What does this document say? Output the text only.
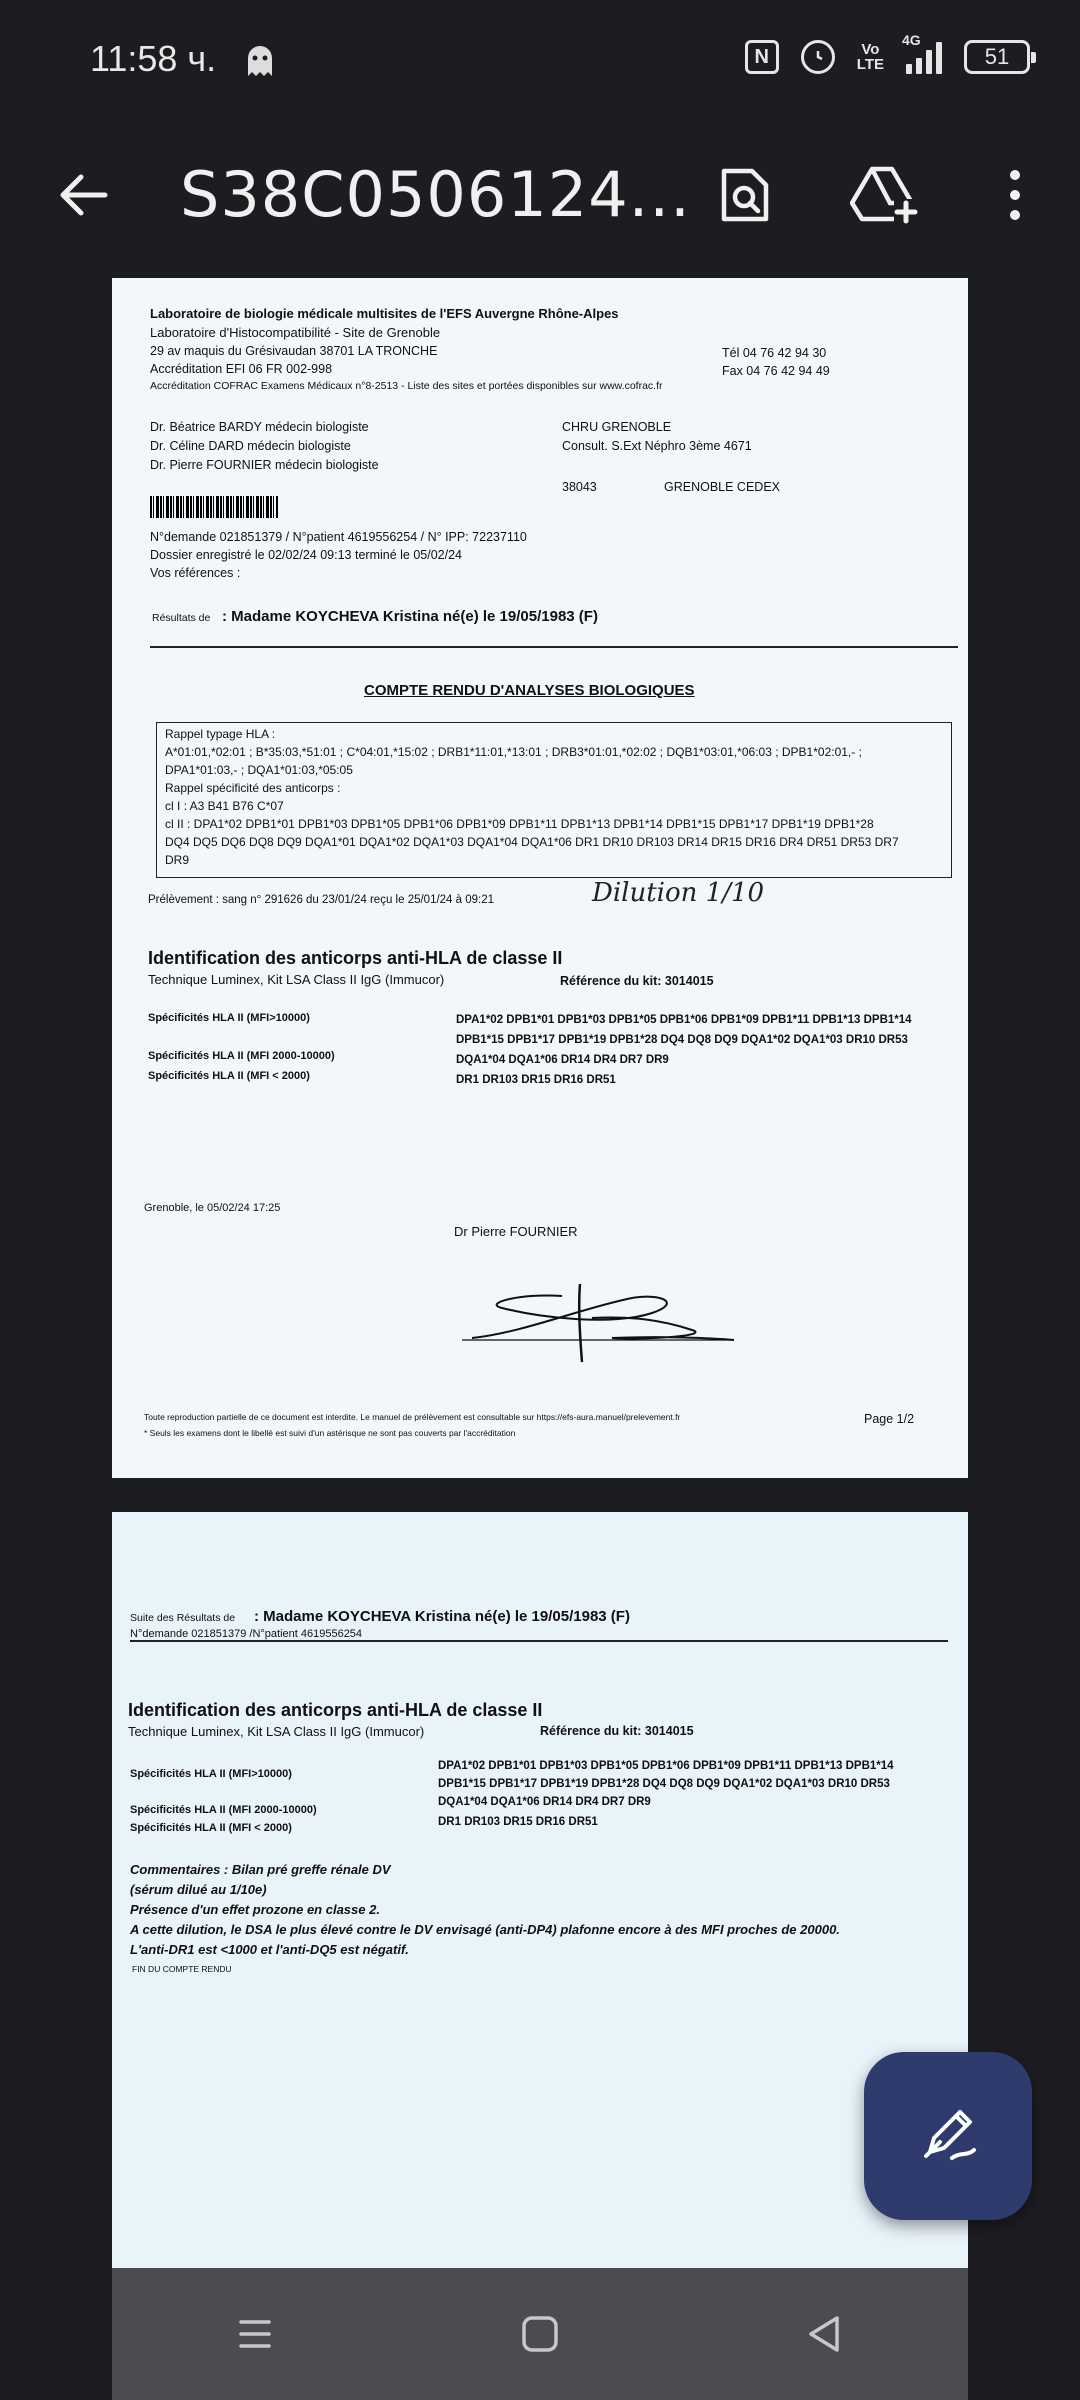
11:58 ч.	N	Vo
LTE
4G
51
S38C0506124...
Laboratoire de biologie médicale multisites de l'EFS Auvergne Rhône-Alpes
Laboratoire d'Histocompatibilité - Site de Grenoble
29 av maquis du Grésivaudan 38701 LA TRONCHE
Accréditation EFI 06 FR 002-998
Accréditation COFRAC Examens Médicaux n°8-2513 - Liste des sites et portées disponibles sur www.cofrac.fr
Tél 04 76 42 94 30
Fax 04 76 42 94 49
Dr. Béatrice BARDY médecin biologiste
Dr. Céline DARD médecin biologiste
Dr. Pierre FOURNIER médecin biologiste
CHRU GRENOBLE
Consult. S.Ext Néphro 3ème 4671
38043	GRENOBLE CEDEX
N°demande 021851379 / N°patient 4619556254 / N° IPP: 72237110
Dossier enregistré le 02/02/24 09:13 terminé le 05/02/24
Vos références :
Résultats de : Madame KOYCHEVA Kristina né(e) le 19/05/1983 (F)
COMPTE RENDU D'ANALYSES BIOLOGIQUES
Rappel typage HLA :
A*01:01,*02:01 ; B*35:03,*51:01 ; C*04:01,*15:02 ; DRB1*11:01,*13:01 ; DRB3*01:01,*02:02 ; DQB1*03:01,*06:03 ; DPB1*02:01,- ;
DPA1*01:03,- ; DQA1*01:03,*05:05
Rappel spécificité des anticorps :
cl I : A3 B41 B76 C*07
cl II : DPA1*02 DPB1*01 DPB1*03 DPB1*05 DPB1*06 DPB1*09 DPB1*11 DPB1*13 DPB1*14 DPB1*15 DPB1*17 DPB1*19 DPB1*28
DQ4 DQ5 DQ6 DQ8 DQ9 DQA1*01 DQA1*02 DQA1*03 DQA1*04 DQA1*06 DR1 DR10 DR103 DR14 DR15 DR16 DR4 DR51 DR53 DR7
DR9
Prélèvement : sang n° 291626 du 23/01/24 reçu le 25/01/24 à 09:21	Dilution 1/10
Identification des anticorps anti-HLA de classe II
Technique Luminex, Kit LSA Class II IgG (Immucor)	Référence du kit: 3014015
Spécificités HLA II (MFI>10000)	DPA1*02 DPB1*01 DPB1*03 DPB1*05 DPB1*06 DPB1*09 DPB1*11 DPB1*13 DPB1*14
DPB1*15 DPB1*17 DPB1*19 DPB1*28 DQ4 DQ8 DQ9 DQA1*02 DQA1*03 DR10 DR53
Spécificités HLA II (MFI 2000-10000)	DQA1*04 DQA1*06 DR14 DR4 DR7 DR9
Spécificités HLA II (MFI < 2000)	DR1 DR103 DR15 DR16 DR51
Grenoble, le 05/02/24 17:25
Dr Pierre FOURNIER
Toute reproduction partielle de ce document est interdite. Le manuel de prélèvement est consultable sur https://efs-aura.manuel/prelevement.fr
* Seuls les examens dont le libellé est suivi d'un astérisque ne sont pas couverts par l'accréditation
Page 1/2
Suite des Résultats de : Madame KOYCHEVA Kristina né(e) le 19/05/1983 (F)
N°demande 021851379 /N°patient 4619556254
Identification des anticorps anti-HLA de classe II
Technique Luminex, Kit LSA Class II IgG (Immucor)	Référence du kit: 3014015
Spécificités HLA II (MFI>10000)
DPA1*02 DPB1*01 DPB1*03 DPB1*05 DPB1*06 DPB1*09 DPB1*11 DPB1*13 DPB1*14
DPB1*15 DPB1*17 DPB1*19 DPB1*28 DQ4 DQ8 DQ9 DQA1*02 DQA1*03 DR10 DR53
Spécificités HLA II (MFI 2000-10000)
DQA1*04 DQA1*06 DR14 DR4 DR7 DR9
Spécificités HLA II (MFI < 2000)	DR1 DR103 DR15 DR16 DR51
Commentaires : Bilan pré greffe rénale DV
(sérum dilué au 1/10e)
Présence d'un effet prozone en classe 2.
A cette dilution, le DSA le plus élevé contre le DV envisagé (anti-DP4) plafonne encore à des MFI proches de 20000.
L'anti-DR1 est <1000 et l'anti-DQ5 est négatif.
FIN DU COMPTE RENDU
